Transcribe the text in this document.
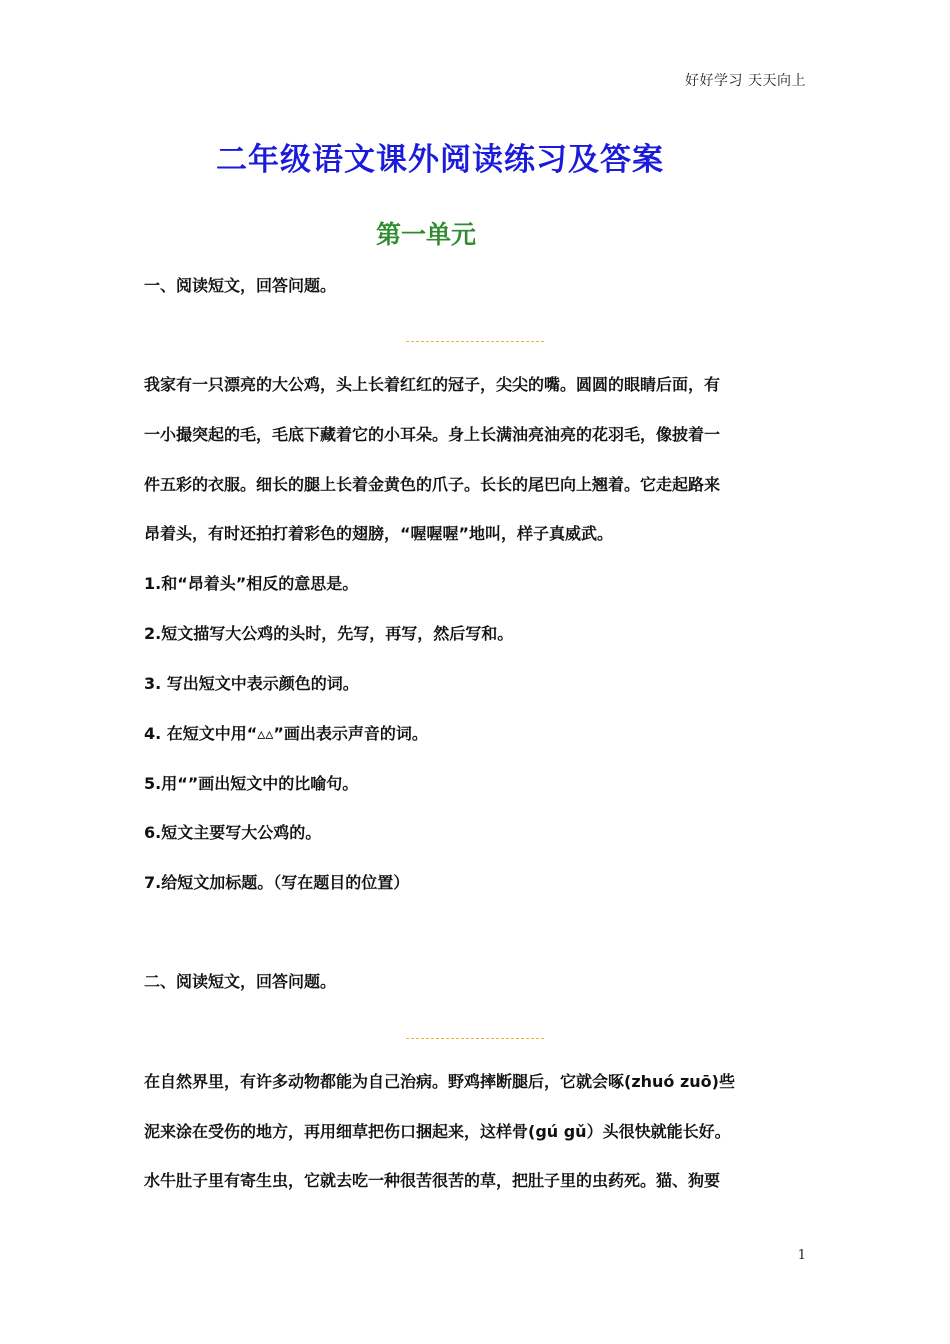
好好学习 天天向上
二年级语文课外阅读练习及答案
第一单元
一、阅读短文，回答问题。
我家有一只漂亮的大公鸡，头上长着红红的冠子，尖尖的嘴。圆圆的眼睛后面，有
一小撮突起的毛，毛底下藏着它的小耳朵。身上长满油亮油亮的花羽毛，像披着一
件五彩的衣服。细长的腿上长着金黄色的爪子。长长的尾巴向上翘着。它走起路来
昂着头，有时还拍打着彩色的翅膀，“喔喔喔”地叫，样子真威武。
1.和“昂着头”相反的意思是。
2.短文描写大公鸡的头时，先写，再写，然后写和。
3. 写出短文中表示颜色的词。
4. 在短文中用“▵▵”画出表示声音的词。
5.用“”画出短文中的比喻句。
6.短文主要写大公鸡的。
7.给短文加标题。（写在题目的位置）
二、阅读短文，回答问题。
在自然界里，有许多动物都能为自己治病。野鸡摔断腿后，它就会啄(zhuó zuō)些
泥来涂在受伤的地方，再用细草把伤口捆起来，这样骨(gú gǔ）头很快就能长好。
水牛肚子里有寄生虫，它就去吃一种很苦很苦的草，把肚子里的虫药死。猫、狗要
1
